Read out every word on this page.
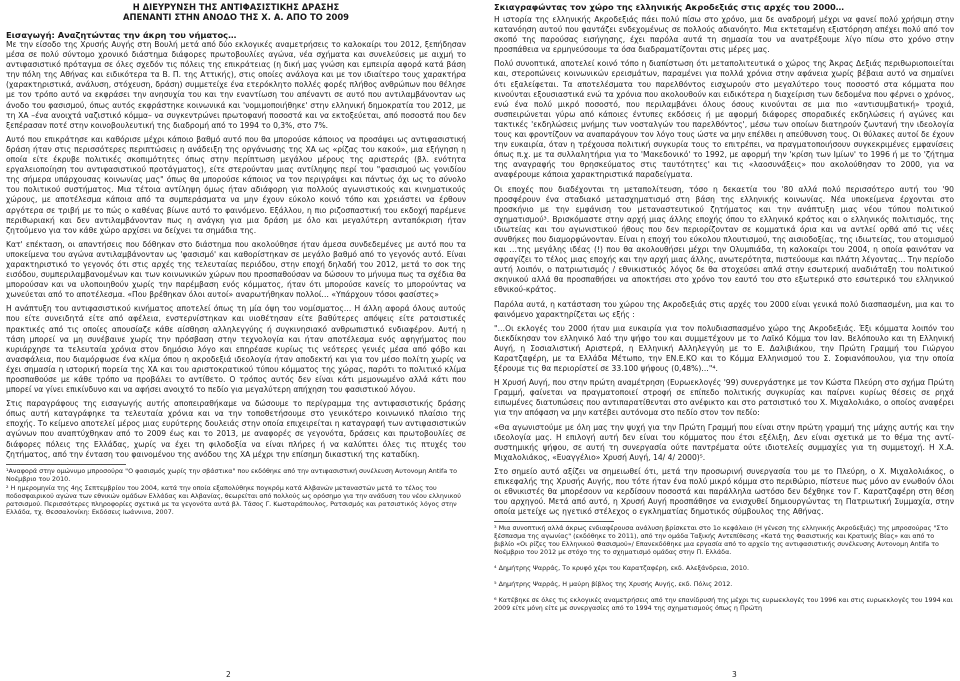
Η ΔΙΕΥΡΥΝΣΗ ΤΗΣ ΑΝΤΙΦΑΣΙΣΤΙΚΗΣ ΔΡΑΣΗΣ
ΑΠΕΝΑΝΤΙ ΣΤΗΝ ΑΝΟΔΟ ΤΗΣ Χ. Α. ΑΠΟ ΤΟ 2009
Εισαγωγή: Αναζητώντας την άκρη του νήματος…

Με την είσοδο της Χρυσής Αυγής στη Βουλή μετά από δύο εκλογικές αναμετρήσεις το καλοκαίρι του 2012, ξεπήδησαν μέσα σε πολύ σύντομο χρονικό διάστημα διάφορες πρωτοβουλίες αγώνα, νέα σχήματα και συνελεύσεις με αιχμή το αντιφασιστικό πρόταγμα σε όλες σχεδόν τις πόλεις της επικράτειας (η δική μας γνώση και εμπειρία αφορά κατά βάση την πόλη της Αθήνας και ειδικότερα τα Β. Π. της Αττικής), στις οποίες ανάλογα και με τον ιδιαίτερο τους χαρακτήρα (χαρακτηριστικά, ανάλυση, στόχευση, δράση) συμμετείχε ένα ετερόκλητο πολλές φορές πλήθος ανθρώπων που θέλησε με τον τρόπο αυτό να εκφράσει την ανησυχία του και την εναντίωση του απέναντι σε αυτό που αντιλαμβάνονταν ως άνοδο του φασισμού, όπως αυτός εκφράστηκε κοινωνικά και 'νομιμοποιήθηκε' στην ελληνική δημοκρατία του 2012, με τη ΧΑ –ένα ανοιχτά ναζιστικό κόμμα– να συγκεντρώνει πρωτοφανή ποσοστά και να εκτοξεύεται, από ποσοστά που δεν ξεπέρασαν ποτέ στην κοινοβουλευτική της διαδρομή από το 1994 το 0,3%, στο 7%.

Αυτό που επικράτησε και καθόρισε μέχρι κάποιο βαθμό αυτό που θα μπορούσε κάποιος να προσάψει ως αντιφασιστική δράση ήταν στις περισσότερες περιπτώσεις η ανάδειξη της οργάνωσης της ΧΑ ως «ρίζας του κακού», μια εξήγηση η οποία είτε έκρυβε πολιτικές σκοπιμότητες όπως στην περίπτωση μεγάλου μέρους της αριστεράς (βλ. ενότητα εργαλειοποίηση του αντιφασιστικού προτάγματος), είτε στερούνταν μιας αντίληψης περί του "φασισμού ως γονιδίου της σήμερα υπάρχουσας κοινωνίας μας" όπως θα μπορούσε κάποιος να τον περιγράψει και πάντως όχι ως το σύνολο του πολιτικού συστήματος. Μια τέτοια αντίληψη όμως ήταν αδιάφορη για πολλούς αγωνιστικούς και κινηματικούς χώρους, με αποτέλεσμα κάποια από τα συμπεράσματα να μην έχουν εύκολο κοινό τόπο και χρειάστει να έρθουν αργότερα σε τριβή με το πώς ο καθένας βίωνε αυτό το φαινόμενο. Εξάλλου, η πιο ριζοσπαστική του εκδοχή παρέμενε περιθωριακή και δεν αντιλαμβάνονταν πως η ανάγκη για μια δράση με όλο και μεγαλύτερη ανταπόκριση ήταν ζητούμενο για τον κάθε χώρο αρχίσει να δείχνει τα σημάδια της.

Κατ' επέκταση, οι απαντήσεις που δόθηκαν στο διάστημα που ακολούθησε ήταν άμεσα συνδεδεμένες με αυτό που τα υποκείμενα του αγώνα αντιλαμβάνονταν ως 'φασισμό' και καθορίστηκαν σε μεγάλο βαθμό από το γεγονός αυτό. Είναι χαρακτηριστικό το γεγονός ότι στις αρχές της τελευταίας περιόδου, στην εποχή δηλαδή του 2012, μετά το σοκ της εισόδου, συμπεριλαμβανομένων και των κοινωνικών χώρων που προσπαθούσαν να δώσουν το μήνυμα πως τα σχέδια θα μπορούσαν και να υλοποιηθούν χωρίς την παρέμβαση ενός κόμματος, ήταν ότι μπορούσε κανείς το μπορούντας να χωνεύεται από το αποτέλεσμα. «Που βρέθηκαν όλοι αυτοί» αναρωτήθηκαν πολλοί… «Υπάρχουν τόσοι φασίστες»

Η ανάπτυξη του αντιφασιστικού κινήματος αποτελεί όπως τη μία όψη του νομίσματος… Η άλλη αφορά όλους αυτούς που είτε συνειδητά είτε από αφέλεια, ενστερνίστηκαν και υιοθέτησαν είτε βαθύτερες απόψεις είτε ρατσιστικές πρακτικές από τις οποίες απουσίαζε κάθε αίσθηση αλληλεγγύης ή συγκινησιακό ανθρωπιστικό ενδιαφέρον. Αυτή η τάση μπορεί να μη συνέβαινε χωρίς την πρόσβαση στην τεχνολογία και ήταν αποτέλεσμα ενός αφηγήματος που κυριάρχησε τα τελευταία χρόνια στον δημόσιο λόγο και επηρέασε κυρίως τις νεότερες γενιές μέσα από φόβο και ανασφάλεια, που διαμόρφωσε ένα κλίμα όπου η ακροδεξιά ιδεολογία ήταν αποδεκτή και για τον μέσο πολίτη χωρίς να έχει σημασία η ιστορική πορεία της ΧΑ και του αριστοκρατικού τύπου κόμματος της χώρας, παρότι το πολιτικό κλίμα προσπαθούσε με κάθε τρόπο να προβάλει το αντίθετο. Ο τρόπος αυτός δεν είναι κάτι μεμονωμένο αλλά κάτι που μπορεί να γίνει επικίνδυνο και να αφήσει ανοιχτό το πεδίο για μεγαλύτερη απήχηση του φασιστικού λόγου.

Στις παραγράφους της εισαγωγής αυτής αποπειραθήκαμε να δώσουμε το περίγραμμα της αντιφασιστικής δράσης όπως αυτή καταγράφηκε τα τελευταία χρόνια και να την τοποθετήσουμε στο γενικότερο κοινωνικό πλαίσιο της εποχής. Το κείμενο αποτελεί μέρος μιας ευρύτερης δουλειάς στην οποία επιχειρείται η καταγραφή των αντιφασιστικών αγώνων που αναπτύχθηκαν από το 2009 έως και το 2013, με αναφορές σε γεγονότα, δράσεις και πρωτοβουλίες σε διάφορες πόλεις της Ελλάδας, χωρίς να έχει τη φιλοδοξία να είναι πλήρες ή να καλύπτει όλες τις πτυχές του ζητήματος, από την ένταση του φαινομένου της ανόδου της ΧΑ μέχρι την επίσημη δικαστική της καταδίκη.

¹Αναφορά στην ομώνυμο μπροσούρα "Ο φασισμός χωρίς την σβάστικα" που εκδόθηκε από την αντιφασιστική συνέλευση Αυτονομη Antifa το Νοέμβριο του 2010.
² Η ημερομηνία της 4ης Σεπτεμβρίου του 2004, κατά την οποία εξαπολύθηκε πογκρόμ κατά Αλβανών μεταναστών μετά το τέλος του ποδοσφαιρικού αγώνα των εθνικών ομάδων Ελλάδας και Αλβανίας, θεωρείται από πολλούς ως ορόσημο για την ανάδυση του νέου ελληνικού ρατσισμού. Περισσότερες πληροφορίες σχετικά με τα γεγονότα αυτά βλ. Τάσος Γ. Κωσταράπουλος, Ρατσισμός και ρατσιστικός λόγος στην Ελλάδα, τχ. Θεσσαλονίκη: Εκδόσεις Ιωάννινα, 2007.
2
Σκιαγραφώντας τον χώρο της ελληνικής Ακροδεξιάς στις αρχές του 2000…

Η ιστορία της ελληνικής Ακροδεξιάς πάει πολύ πίσω στο χρόνο, μια δε αναδρομή μέχρι να φανεί πολύ χρήσιμη στην κατανόηση αυτού που φαντάζει ενδεχομένως σε πολλούς αδιανόητο. Μια εκτεταμένη εξιστόρηση απέχει πολύ από τον σκοπό της παρούσας εισήγησης, έχει παρόλα αυτά τη σημασία του να ανατρέξουμε λίγο πίσω στο χρόνο στην προσπάθεια να ερμηνεύσουμε τα όσα διαδραματίζονται στις μέρες μας.

Πολύ συνοπτικά, αποτελεί κοινό τόπο η διαπίστωση ότι μεταπολιτευτικά ο χώρος της Άκρας Δεξιάς περιθωριοποιείται και, στεροπώνεις κοινωνικών ερεισμάτων, παραμένει για πολλά χρόνια στην αφάνεια χωρίς βέβαια αυτό να σημαίνει ότι εξαλείφεται. Τα αποτελέσματα του παρελθόντος εισχωρούν στο μεγαλύτερο τους ποσοστό στα κόμματα που κινούνται εξουσιαστικά ενώ τα χρόνια που ακολουθούν και ειδικότερα η διαχείριση των δεδομένα που φέρνει ο χρόνος, ενώ ένα πολύ μικρό ποσοστό, που περιλαμβάνει όλους όσους κινούνται σε μια πιο «αντισυμβατική» τροχιά, συσπειρώνεται γύρω από κάποιες έντυπες εκδόσεις ή με αφορμή διάφορες σποραδικές εκδηλώσεις ή αγώνες και τακτικές 'εκδηλώσεις μνήμης των νοσταλγών του παρελθόντος', μέσω των οποίων διατηρούν ζωντανή την ιδεολογία τους και φροντίζουν να αναπαράγουν τον λόγο τους ώστε να μην επέλθει η απεύθυνση τους. Οι θύλακες αυτοί δε έχουν την ευκαιρία, όταν η τρέχουσα πολιτική συγκυρία τους το επιτρέπει, να πραγματοποιήσουν συγκεκριμένες εμφανίσεις όπως π.χ. με τα συλλαλητήρια για το 'Μακεδονικό' το 1992, με αφορμή την 'κρίση των Ιμίων' το 1996 ή με το 'ζήτημα της αναγραφής του θρησκεύματος στις ταυτότητες' και τις «λαοσυνάξεις» που ακολούθησαν το 2000, για να αναφέρουμε κάποια χαρακτηριστικά παραδείγματα.

Οι εποχές που διαδέχονται τη μεταπολίτευση, τόσο η δεκαετία του '80 αλλά πολύ περισσότερο αυτή του '90 προσφέρουν ένα σταδιακό μετασχηματισμό στη βάση της ελληνικής κοινωνίας. Νέα υποκείμενα έρχονται στο προσκήνιο με την εμφάνιση του μεταναστευτικού ζητήματος και την ανάπτυξη μιας νέου τύπου πολιτικού σχηματισμού³. Βρισκόμαστε στην αρχή μιας άλλης εποχής όπου το ελληνικό κράτος και ο ελληνικός πολιτισμός, της ιδιωτείας και του αγωνιστικού ήθους που δεν περιορίζονταν σε κομματικά όρια και να αντλεί ορθά από τις νέες συνθήκες που διαμορφώνονταν. Είναι η εποχή του εύκολου πλουτισμού, της αισιοδοξίας, της ιδιωτείας, του ατομισμού και …της μεγάλης ιδέας (!) που θα ακολουθήσει μέχρι την Ολυμπιάδα, τη καλοκαίρι του 2004, η οποία φαινόταν να σφραγίζει το τέλος μιας εποχής και την αρχή μιας άλλης, ανωτερότητα, πιστεύουμε και πλάτη λέγοντας… Την περίοδο αυτή λοιπόν, ο πατριωτισμός / εθνικιστικός λόγος δε θα στοχεύσει απλά στην εσωτερική αναδιάταξη του πολιτικού σκηνικού αλλά θα προσπαθήσει να αποκτήσει στο χρόνο τον εαυτό του στο εξωτερικό στο εσωτερικό του ελληνικού εθνικού-κράτος.

Παρόλα αυτά, η κατάσταση του χώρου της Ακροδεξιάς στις αρχές του 2000 είναι γενικά πολύ διασπασμένη, μια και το φαινόμενο χαρακτηρίζεται ως εξής :

"…Οι εκλογές του 2000 ήταν μια ευκαιρία για τον πολυδιασπασμένο χώρο της Ακροδεξιάς. Έξι κόμματα λοιπόν του διεκδίκησαν τον ελληνικό λαό την ψήφο του και συμμετέχουν με το Λαϊκό Κόμμα τον Ιαν. Βελόπουλο και τη Ελληνική Αυγή, η Σοσιαλιστική Αριστερά, η Ελληνική Αλληλεγγύη με το Ε. Δαλιβιάκου, την Πρώτη Γραμμή του Γιώργου Καρατζαφέρη, με τα Ελλάδα Μέτωπο, την ΕΝ.Ε.ΚΟ και το Κόμμα Ελληνισμού του Σ. Σοφιανόπουλου, για την οποία ξέρουμε τις θα περιορίστεί σε 33.100 ψήφους (0,48%)…"⁴.

Η Χρυσή Αυγή, που στην πρώτη αναμέτρηση (Ευρωεκλογές '99) συνεργάστηκε με τον Κώστα Πλεύρη στο σχήμα Πρώτη Γραμμή, φαίνεται να πραγματοποιεί στροφή σε επίπεδο πολιτικής συγκυρίας και παίρνει κυρίως θέσεις σε ρηχά ειπωμένες διατυπώσεις που αντιπαρατίθενται στο ανέφικτο και στο ρατσιστικό του Χ. Μιχαλολιάκο, ο οποίος αναφέρει για την απόφαση να μην κατέβει αυτόνομα στο πεδίο στον τον πεδίο:

«Θα αγωνιστούμε με όλη μας την ψυχή για την Πρώτη Γραμμή που είναι στην πρώτη γραμμή της μάχης αυτής και την ιδεολογία μας. Η επιλογή αυτή δεν είναι του κόμματος που έτσι εξέλιξη, Δεν είναι σχετικά με το θέμα της αντί-συστημικής ψήφου, σε αυτή τη συνεργασία ούτε παντρέματα ούτε ιδιοτελείς συμμαχίες για τη συμμετοχή. Η Χ.Α. Μιχαλολιάκος, «Ευαγγέλιο» Χρυσή Αυγή, 14/ 4/ 2000)⁵.

Στο σημείο αυτό αξίζει να σημειωθεί ότι, μετά την προσωρινή συνεργασία του με το Πλεύρη, ο Χ. Μιχαλολιάκος, ο επικεφαλής της Χρυσής Αυγής, που τότε ήταν ένα πολύ μικρό κόμμα στο περιθώριο, πίστευε πως μόνο αν ενωθούν όλοι οι εθνικιστές θα μπορέσουν να κερδίσουν ποσοστά και παράλληλα ωστόσο δεν δέχθηκε τον Γ. Καρατζαφέρη στη θέση του αρχηγού. Μετά από αυτό, η Χρυσή Αυγή προσπάθησε να ενισχυθεί δημιουργώντας τη Πατριωτική Συμμαχία, στην οποία μετείχε ως ηγετικό στέλεχος ο εγκληματίας δημοτικός σύμβουλος της Αθήνας.

³ Μια συνοπτική αλλά άκρως ενδιαφέρουσα ανάλυση βρίσκεται στο 1ο κεφάλαιο (Η γένεση της ελληνικής Ακροδεξιάς) της μπροσούρας "Στο ξέσπασμα της αγωνίας" (εκδόθηκε το 2011), από την ομάδα Ταξικής Αντεπίθεσης «Κατά της Φασιστικής και Κρατικής Βίας» και από το βιβλίο «Οι ρίζες του Ελληνικού Φασισμού»/ Επανεκδόθηκε μια εργασία από το αρχείο της αντιφασιστικής συνέλευσης Αυτονομη Antifa το Νοέμβριο του 2012 με στόχο της το σχηματισμό ομάδας στην Π. Ελλάδα.
⁴ Δημήτρης Ψαρράς, Το κρυφό χέρι του Καρατζαφέρη, εκδ. Αλεξάνδρεια, 2010.
⁵ Δημήτρης Ψαρράς, Η μαύρη βίβλος της Χρυσής Αυγής, εκδ. Πόλις 2012.
⁶ Κατέβηκε σε όλες τις εκλογικές αναμετρήσεις από την επανίδρυσή της μέχρι τις ευρωεκλογές του 1996 και στις ευρωεκλογές του 1994 και 2009 είτε μόνη είτε με συνεργασίες από το 1994 της σχηματισμούς όπως η Πρώτη
3
